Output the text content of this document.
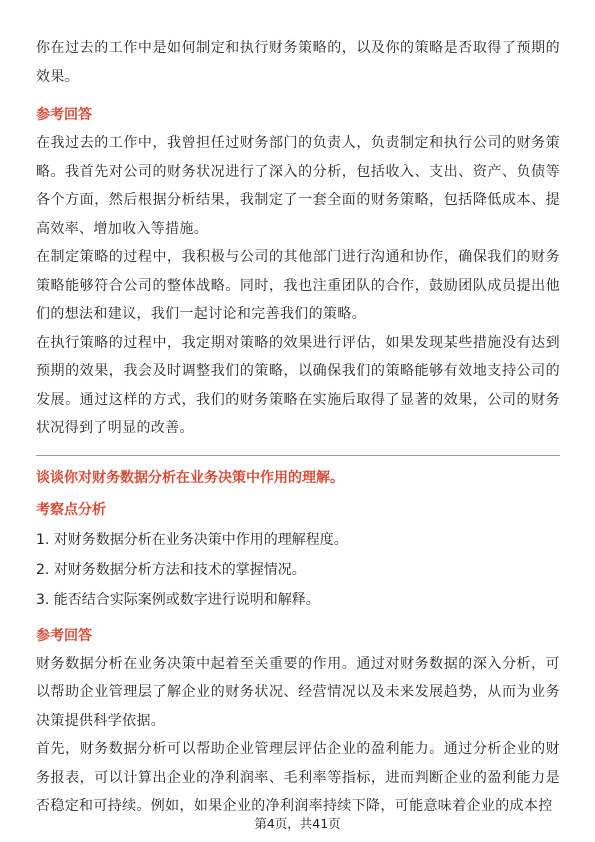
你在过去的工作中是如何制定和执行财务策略的，以及你的策略是否取得了预期的效果。

参考回答

在我过去的工作中，我曾担任过财务部门的负责人，负责制定和执行公司的财务策略。我首先对公司的财务状况进行了深入的分析，包括收入、支出、资产、负债等各个方面，然后根据分析结果，我制定了一套全面的财务策略，包括降低成本、提高效率、增加收入等措施。

在制定策略的过程中，我积极与公司的其他部门进行沟通和协作，确保我们的财务策略能够符合公司的整体战略。同时，我也注重团队的合作，鼓励团队成员提出他们的想法和建议，我们一起讨论和完善我们的策略。

在执行策略的过程中，我定期对策略的效果进行评估，如果发现某些措施没有达到预期的效果，我会及时调整我们的策略，以确保我们的策略能够有效地支持公司的发展。通过这样的方式，我们的财务策略在实施后取得了显著的效果，公司的财务状况得到了明显的改善。

谈谈你对财务数据分析在业务决策中作用的理解。
考察点分析
1. 对财务数据分析在业务决策中作用的理解程度。
2. 对财务数据分析方法和技术的掌握情况。
3. 能否结合实际案例或数字进行说明和解释。
参考回答

财务数据分析在业务决策中起着至关重要的作用。通过对财务数据的深入分析，可以帮助企业管理层了解企业的财务状况、经营情况以及未来发展趋势，从而为业务决策提供科学依据。

首先，财务数据分析可以帮助企业管理层评估企业的盈利能力。通过分析企业的财务报表，可以计算出企业的净利润率、毛利率等指标，进而判断企业的盈利能力是否稳定和可持续。例如，如果企业的净利润率持续下降，可能意味着企业的成本控

第4页，共41页
